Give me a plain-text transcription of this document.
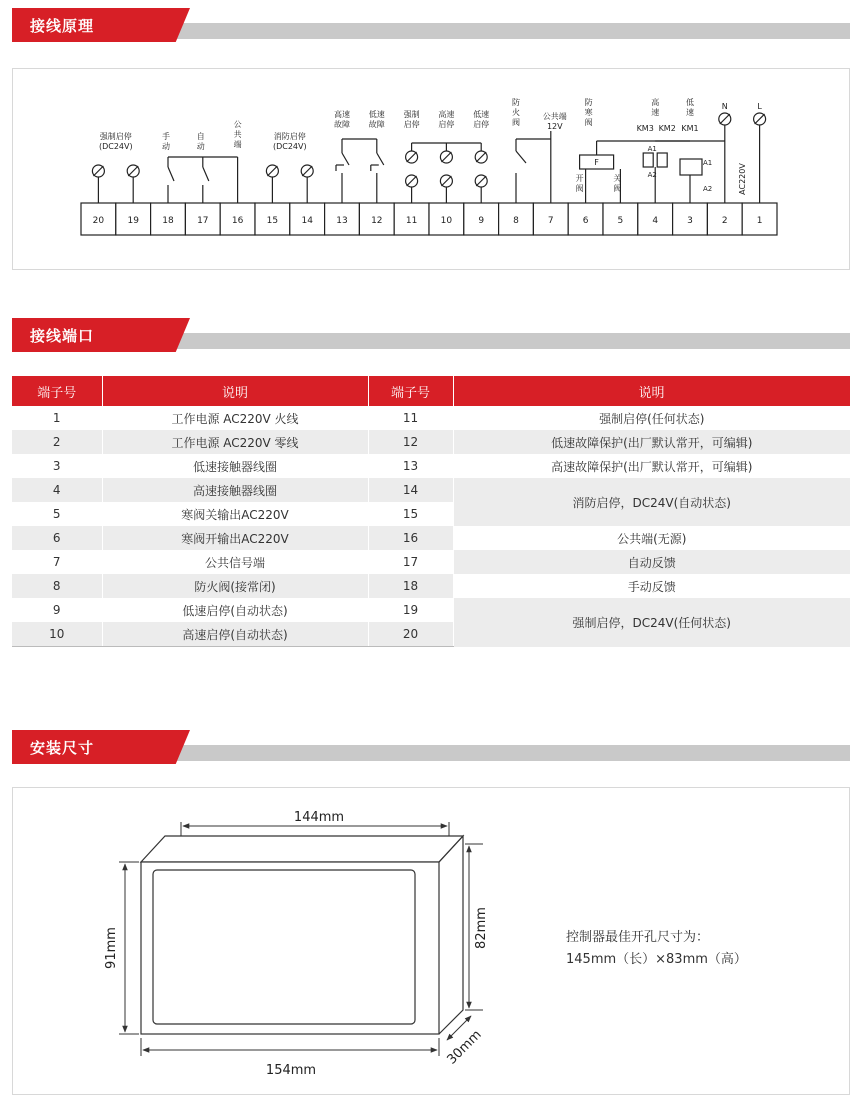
接线原理
20	19	18	17	16	15	14	13	12	11	10	9	8	7	6	5	4	3	2	1
强制启停
(DC24V)
手
动
自
动
公
共
端
消防启停
(DC24V)
高速
故障
低速
故障
强制
启停
高速
启停
低速
启停
防
火
阀
公共端
12V
F
防
寒
阀
开
阀
关
阀
A1
A2
高
速
KM3 KM2
A1
A2
低
速
KM1
N	L
AC220V
接线端口
端子号	说明	端子号	说明
1	工作电源 AC220V 火线	11	强制启停(任何状态)
2	工作电源 AC220V 零线	12	低速故障保护(出厂默认常开，可编辑)
3	低速接触器线圈	13	高速故障保护(出厂默认常开，可编辑)
4	高速接触器线圈	14	消防启停，DC24V(自动状态)
5	寒阀关输出AC220V	15	
6	寒阀开输出AC220V	16	公共端(无源)
7	公共信号端	17	自动反馈
8	防火阀(接常闭)	18	手动反馈
9	低速启停(自动状态)	19	强制启停，DC24V(任何状态)
10	高速启停(自动状态)	20	
安装尺寸
144mm
154mm
91mm	82mm
30mm
控制器最佳开孔尺寸为：
145mm（长）×83mm（高）
